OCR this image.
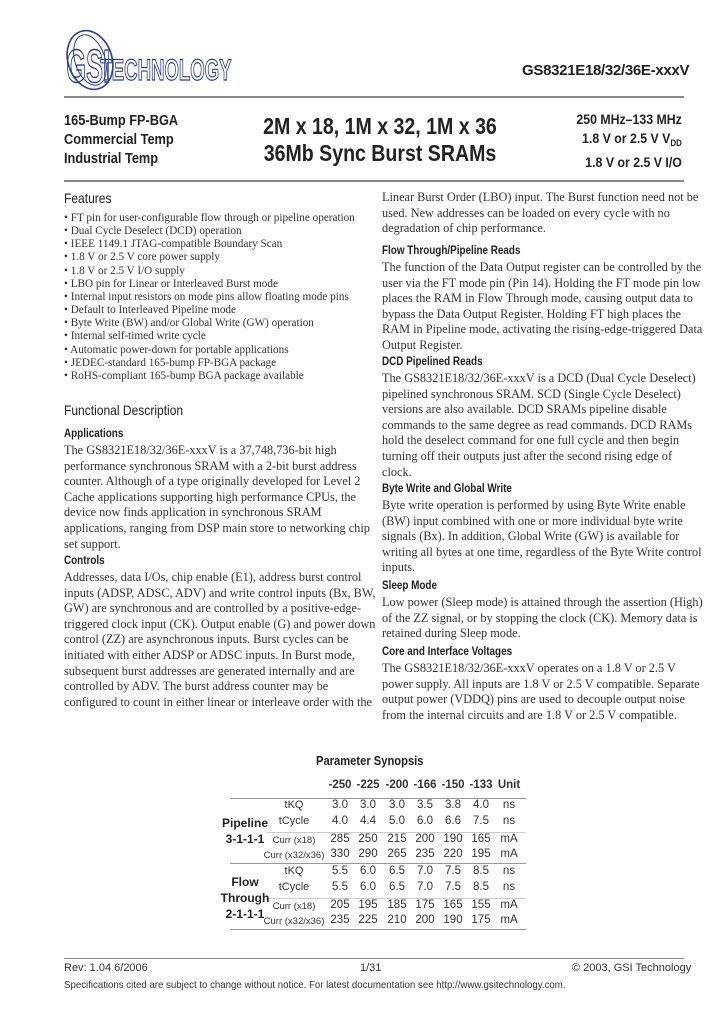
GSI
TECHNOLOGY	GS8321E18/32/36E-xxxV
165-Bump FP-BGA
Commercial Temp
Industrial Temp
2M x 18, 1M x 32, 1M x 36
36Mb Sync Burst SRAMs
250 MHz–133 MHz
1.8 V or 2.5 V $V_{DD}$
1.8 V or 2.5 V I/O
Features
• FT pin for user-configurable flow through or pipeline operation
• Dual Cycle Deselect (DCD) operation
• IEEE 1149.1 JTAG-compatible Boundary Scan
• 1.8 V or 2.5 V core power supply
• 1.8 V or 2.5 V I/O supply
• LBO pin for Linear or Interleaved Burst mode
• Internal input resistors on mode pins allow floating mode pins
• Default to Interleaved Pipeline mode
• Byte Write (BW) and/or Global Write (GW) operation
• Internal self-timed write cycle
• Automatic power-down for portable applications
• JEDEC-standard 165-bump FP-BGA package
• RoHS-compliant 165-bump BGA package available
Functional Description
Applications

The GS8321E18/32/36E-xxxV is a 37,748,736-bit high

performance synchronous SRAM with a 2-bit burst address

counter. Although of a type originally developed for Level 2

Cache applications supporting high performance CPUs, the

device now finds application in synchronous SRAM

applications, ranging from DSP main store to networking chip

set support.

Controls

Addresses, data I/Os, chip enable (E1), address burst control

inputs (ADSP, ADSC, ADV) and write control inputs (Bx, BW,

GW) are synchronous and are controlled by a positive-edge-

triggered clock input (CK). Output enable (G) and power down

control (ZZ) are asynchronous inputs. Burst cycles can be

initiated with either ADSP or ADSC inputs. In Burst mode,

subsequent burst addresses are generated internally and are

controlled by ADV. The burst address counter may be

configured to count in either linear or interleave order with the

Linear Burst Order (LBO) input. The Burst function need not be

used. New addresses can be loaded on every cycle with no

degradation of chip performance.

Flow Through/Pipeline Reads

The function of the Data Output register can be controlled by the

user via the FT mode pin (Pin 14). Holding the FT mode pin low

places the RAM in Flow Through mode, causing output data to

bypass the Data Output Register. Holding FT high places the

RAM in Pipeline mode, activating the rising-edge-triggered Data

Output Register.

DCD Pipelined Reads

The GS8321E18/32/36E-xxxV is a DCD (Dual Cycle Deselect)

pipelined synchronous SRAM. SCD (Single Cycle Deselect)

versions are also available. DCD SRAMs pipeline disable

commands to the same degree as read commands. DCD RAMs

hold the deselect command for one full cycle and then begin

turning off their outputs just after the second rising edge of

clock.

Byte Write and Global Write

Byte write operation is performed by using Byte Write enable

(BW) input combined with one or more individual byte write

signals (Bx). In addition, Global Write (GW) is available for

writing all bytes at one time, regardless of the Byte Write control

inputs.

Sleep Mode

Low power (Sleep mode) is attained through the assertion (High)

of the ZZ signal, or by stopping the clock (CK). Memory data is

retained during Sleep mode.

Core and Interface Voltages

The GS8321E18/32/36E-xxxV operates on a 1.8 V or 2.5 V

power supply. All inputs are 1.8 V or 2.5 V compatible. Separate

output power (VDDQ) pins are used to decouple output noise

from the internal circuits and are 1.8 V or 2.5 V compatible.

Parameter Synopsis
-250 -225 -200 -166 -150 -133 Unit
Pipeline
3-1-1-1
Flow
Through
2-1-1-1
tKQ	3.0	3.0	3.0	3.5	3.8	4.0	ns
tCycle	4.0	4.4	5.0	6.0	6.6	7.5	ns
Curr (x18)	285 250 215 200 190 165 mA
Curr (x32/x36) 330 290 265 235 220 195 mA
tKQ	5.5	6.0	6.5	7.0	7.5	8.5	ns
tCycle	5.5	6.0	6.5	7.0	7.5	8.5	ns
Curr (x18)	205 195 185 175 165 155 mA
Curr (x32/x36) 235 225 210 200 190 175 mA
Rev: 1.04 6/2006	1/31	© 2003, GSI Technology
Specifications cited are subject to change without notice. For latest documentation see http://www.gsitechnology.com.
